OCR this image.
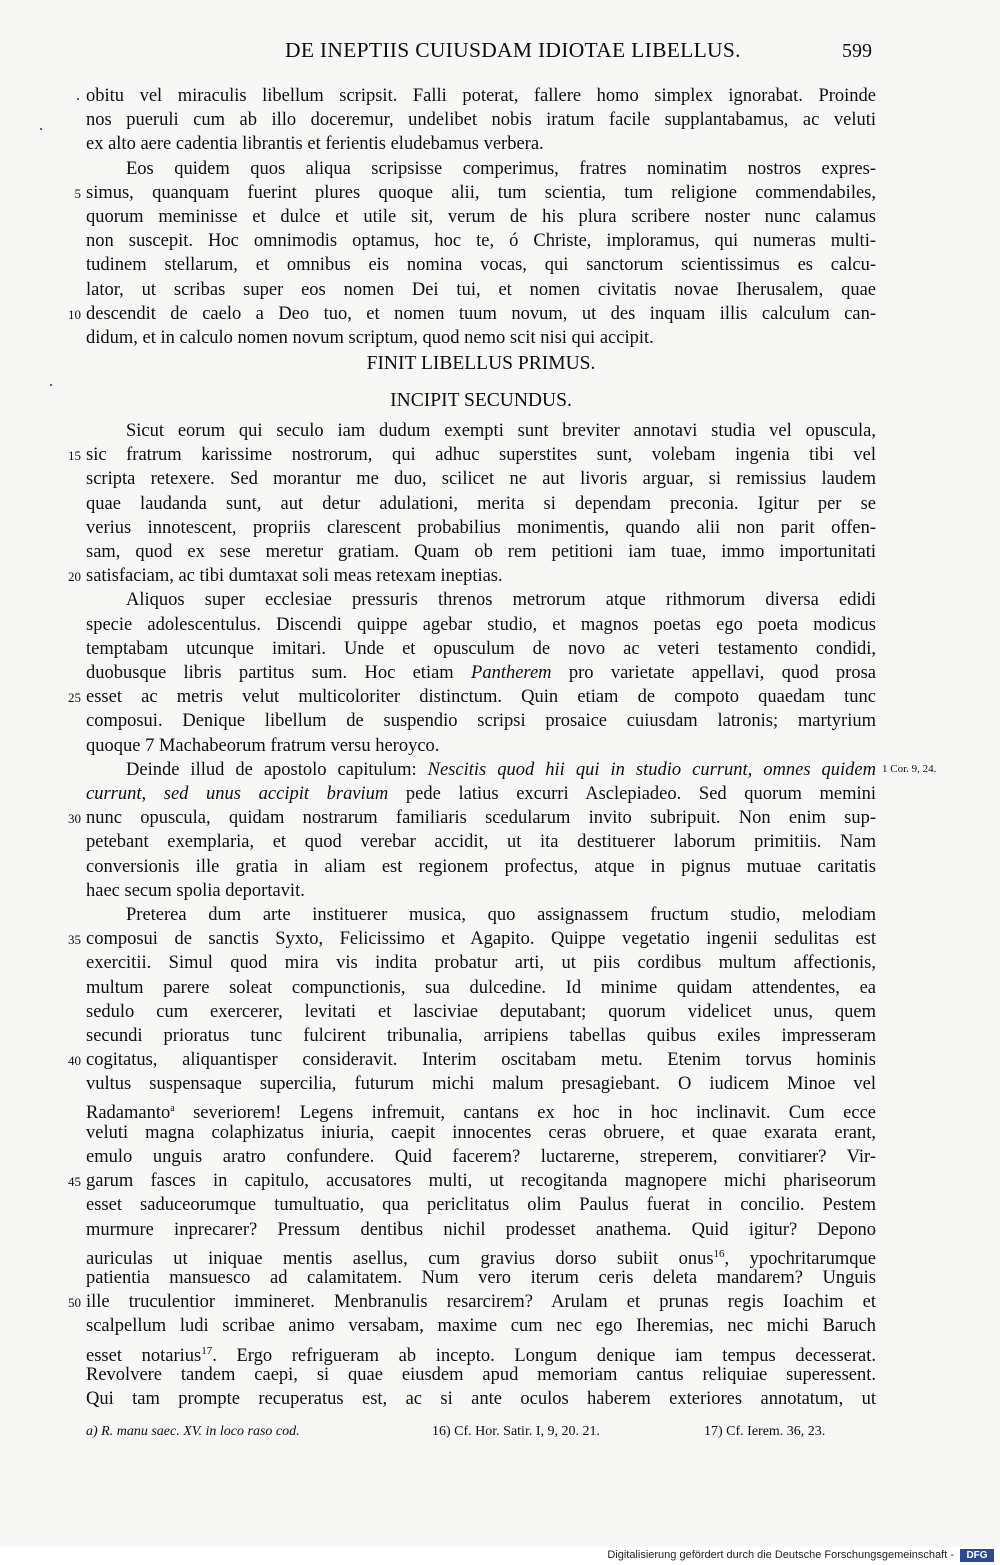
DE INEPTIIS CUIUSDAM IDIOTAE LIBELLUS.	599
1 Cor. 9, 24.
a) R. manu saec. XV. in loco raso cod.	16) Cf. Hor. Satir. I, 9, 20. 21.	17) Cf. Ierem. 36, 23.
Digitalisierung gefördert durch die Deutsche Forschungsgemeinschaft -	DFG
obitu vel miraculis libellum scripsit. Falli poterat, fallere homo simplex ignorabat. Proinde
nos pueruli cum ab illo doceremur, undelibet nobis iratum facile supplantabamus, ac veluti
ex alto aere cadentia librantis et ferientis eludebamus verbera.
Eos quidem quos aliqua scripsisse comperimus, fratres nominatim nostros expres-
simus, quanquam fuerint plures quoque alii, tum scientia, tum religione commendabiles,
5
quorum meminisse et dulce et utile sit, verum de his plura scribere noster nunc calamus
non suscepit. Hoc omnimodis optamus, hoc te, ó Christe, imploramus, qui numeras multi-
tudinem stellarum, et omnibus eis nomina vocas, qui sanctorum scientissimus es calcu-
lator, ut scribas super eos nomen Dei tui, et nomen civitatis novae Iherusalem, quae
descendit de caelo a Deo tuo, et nomen tuum novum, ut des inquam illis calculum can-
10
didum, et in calculo nomen novum scriptum, quod nemo scit nisi qui accipit.
FINIT LIBELLUS PRIMUS.
INCIPIT SECUNDUS.
Sicut eorum qui seculo iam dudum exempti sunt breviter annotavi studia vel opuscula,
sic fratrum karissime nostrorum, qui adhuc superstites sunt, volebam ingenia tibi vel
15
scripta retexere. Sed morantur me duo, scilicet ne aut livoris arguar, si remissius laudem
quae laudanda sunt, aut detur adulationi, merita si dependam preconia. Igitur per se
verius innotescent, propriis clarescent probabilius monimentis, quando alii non parit offen-
sam, quod ex sese meretur gratiam. Quam ob rem petitioni iam tuae, immo importunitati
satisfaciam, ac tibi dumtaxat soli meas retexam ineptias.
20
Aliquos super ecclesiae pressuris threnos metrorum atque rithmorum diversa edidi
specie adolescentulus. Discendi quippe agebar studio, et magnos poetas ego poeta modicus
temptabam utcunque imitari. Unde et opusculum de novo ac veteri testamento condidi,
duobusque libris partitus sum. Hoc etiam Pantherem pro varietate appellavi, quod prosa
esset ac metris velut multicoloriter distinctum. Quin etiam de compoto quaedam tunc
25
composui. Denique libellum de suspendio scripsi prosaice cuiusdam latronis; martyrium
quoque 7 Machabeorum fratrum versu heroyco.
Deinde illud de apostolo capitulum: Nescitis quod hii qui in studio currunt, omnes quidem
currunt, sed unus accipit bravium pede latius excurri Asclepiadeo. Sed quorum memini
nunc opuscula, quidam nostrarum familiaris scedularum invito subripuit. Non enim sup-
30
petebant exemplaria, et quod verebar accidit, ut ita destituerer laborum primitiis. Nam
conversionis ille gratia in aliam est regionem profectus, atque in pignus mutuae caritatis
haec secum spolia deportavit.
Preterea dum arte instituerer musica, quo assignassem fructum studio, melodiam
composui de sanctis Syxto, Felicissimo et Agapito. Quippe vegetatio ingenii sedulitas est
35
exercitii. Simul quod mira vis indita probatur arti, ut piis cordibus multum affectionis,
multum parere soleat compunctionis, sua dulcedine. Id minime quidam attendentes, ea
sedulo cum exercerer, levitati et lasciviae deputabant; quorum videlicet unus, quem
secundi prioratus tunc fulcirent tribunalia, arripiens tabellas quibus exiles impresseram
cogitatus, aliquantisper consideravit. Interim oscitabam metu. Etenim torvus hominis
40
vultus suspensaque supercilia, futurum michi malum presagiebant. O iudicem Minoe vel
Radamanto$^a$ severiorem! Legens infremuit, cantans ex hoc in hoc inclinavit. Cum ecce
veluti magna colaphizatus iniuria, caepit innocentes ceras obruere, et quae exarata erant,
emulo unguis aratro confundere. Quid facerem? luctarerne, streperem, convitiarer? Vir-
garum fasces in capitulo, accusatores multi, ut recogitanda magnopere michi phariseorum
45
esset saduceorumque tumultuatio, qua periclitatus olim Paulus fuerat in concilio. Pestem
murmure inprecarer? Pressum dentibus nichil prodesset anathema. Quid igitur? Depono
auriculas ut iniquae mentis asellus, cum gravius dorso subiit onus$^{16}$, ypochritarumque
patientia mansuesco ad calamitatem. Num vero iterum ceris deleta mandarem? Unguis
ille truculentior immineret. Menbranulis resarcirem? Arulam et prunas regis Ioachim et
50
scalpellum ludi scribae animo versabam, maxime cum nec ego Iheremias, nec michi Baruch
esset notarius$^{17}$. Ergo refrigueram ab incepto. Longum denique iam tempus decesserat.
Revolvere tandem caepi, si quae eiusdem apud memoriam cantus reliquiae superessent.
Qui tam prompte recuperatus est, ac si ante oculos haberem exteriores annotatum, ut
